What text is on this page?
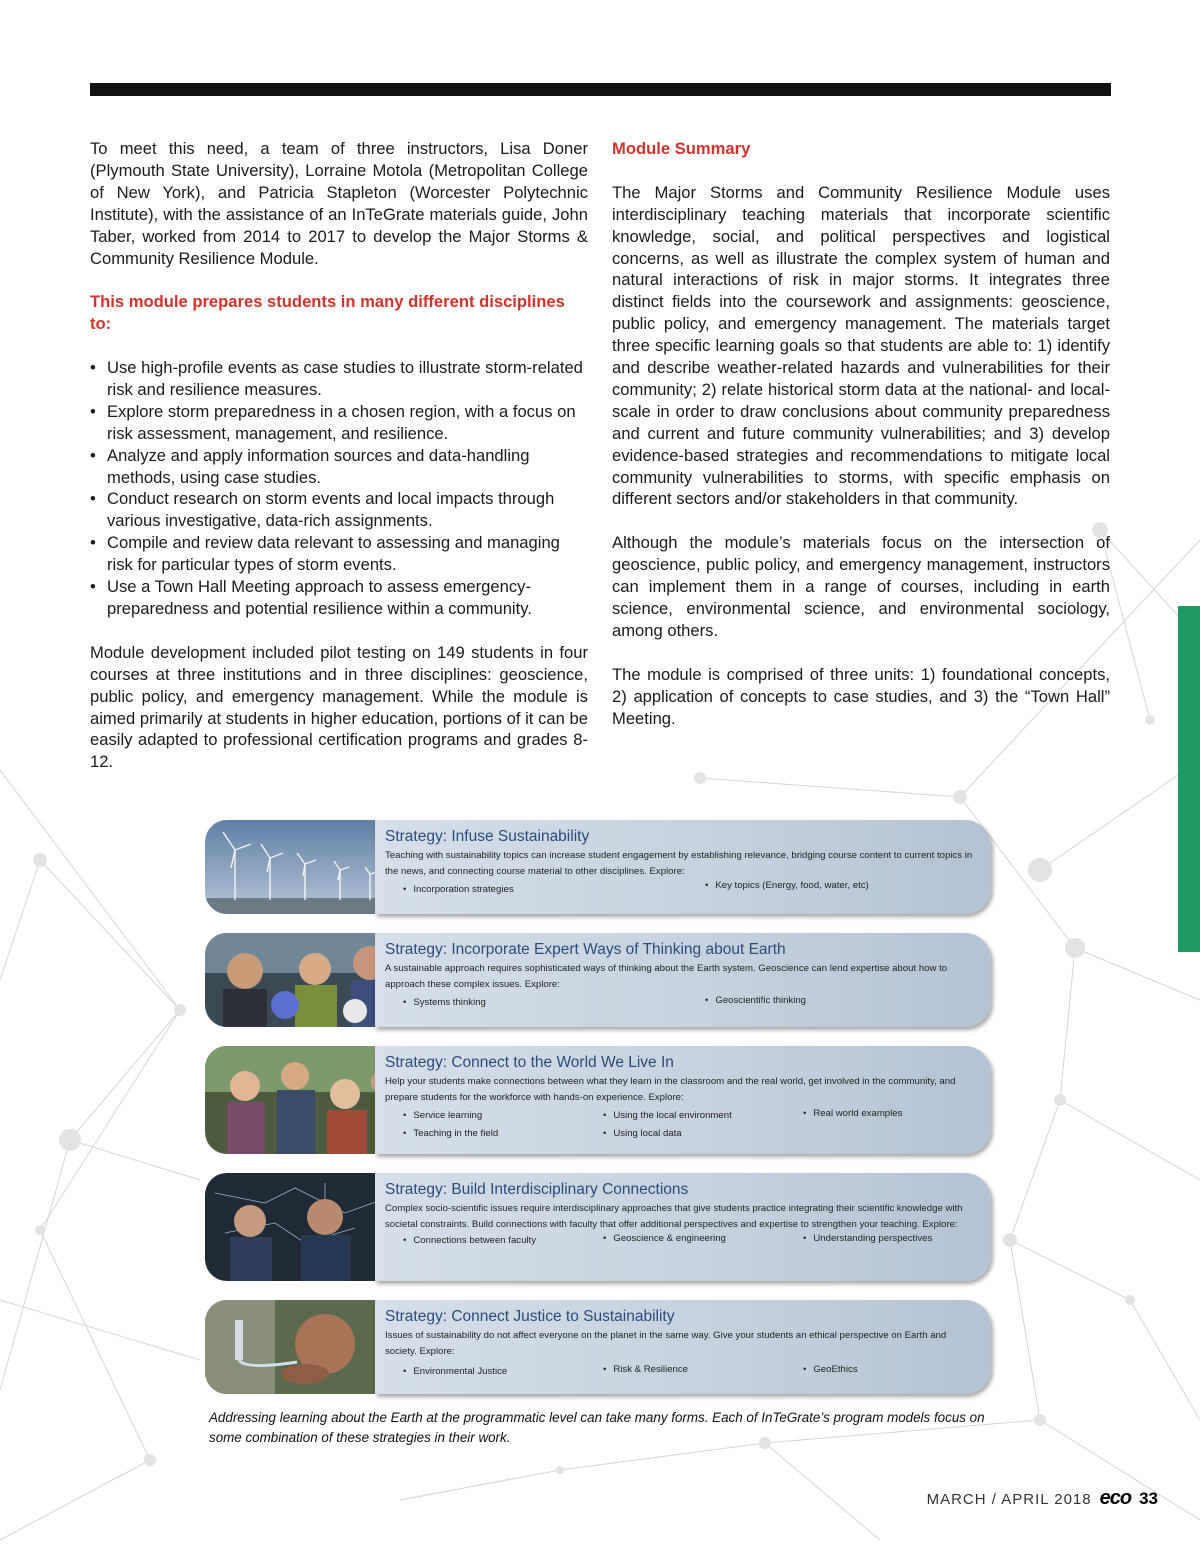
To meet this need, a team of three instructors, Lisa Doner (Plymouth State University), Lorraine Motola (Metropolitan College of New York), and Patricia Stapleton (Worcester Polytechnic Institute), with the assistance of an InTeGrate materials guide, John Taber, worked from 2014 to 2017 to develop the Major Storms & Community Resilience Module.

This module prepares students in many different disciplines to:
• Use high-profile events as case studies to illustrate storm-related risk and resilience measures.
• Explore storm preparedness in a chosen region, with a focus on risk assessment, management, and resilience.
• Analyze and apply information sources and data-handling methods, using case studies.
• Conduct research on storm events and local impacts through various investigative, data-rich assignments.
• Compile and review data relevant to assessing and managing risk for particular types of storm events.
• Use a Town Hall Meeting approach to assess emergency-preparedness and potential resilience within a community.

Module development included pilot testing on 149 students in four courses at three institutions and in three disciplines: geoscience, public policy, and emergency management. While the module is aimed primarily at students in higher education, portions of it can be easily adapted to professional certification programs and grades 8-12.

Module Summary

The Major Storms and Community Resilience Module uses interdisciplinary teaching materials that incorporate scientific knowledge, social, and political perspectives and logistical concerns, as well as illustrate the complex system of human and natural interactions of risk in major storms. It integrates three distinct fields into the coursework and assignments: geoscience, public policy, and emergency management. The materials target three specific learning goals so that students are able to: 1) identify and describe weather-related hazards and vulnerabilities for their community; 2) relate historical storm data at the national- and local-scale in order to draw conclusions about community preparedness and current and future community vulnerabilities; and 3) develop evidence-based strategies and recommendations to mitigate local community vulnerabilities to storms, with specific emphasis on different sectors and/or stakeholders in that community.

Although the module’s materials focus on the intersection of geoscience, public policy, and emergency management, instructors can implement them in a range of courses, including in earth science, environmental science, and environmental sociology, among others.

The module is comprised of three units: 1) foundational concepts, 2) application of concepts to case studies, and 3) the “Town Hall” Meeting.

Strategy: Infuse Sustainability
Teaching with sustainability topics can increase student engagement by establishing relevance, bridging course content to current topics in the news, and connecting course material to other disciplines. Explore:
• Incorporation strategies	• Key topics (Energy, food, water, etc)
Strategy: Incorporate Expert Ways of Thinking about Earth
A sustainable approach requires sophisticated ways of thinking about the Earth system. Geoscience can lend expertise about how to approach these complex issues. Explore:
• Systems thinking	• Geoscientific thinking
Strategy: Connect to the World We Live In
Help your students make connections between what they learn in the classroom and the real world, get involved in the community, and prepare students for the workforce with hands-on experience. Explore:
• Service learning
• Teaching in the field
• Using the local environment
• Using local data
• Real world examples
Strategy: Build Interdisciplinary Connections
Complex socio-scientific issues require interdisciplinary approaches that give students practice integrating their scientific knowledge with societal constraints. Build connections with faculty that offer additional perspectives and expertise to strengthen your teaching. Explore:
• Connections between faculty	• Geoscience & engineering	• Understanding perspectives
Strategy: Connect Justice to Sustainability
Issues of sustainability do not affect everyone on the planet in the same way. Give your students an ethical perspective on Earth and society. Explore:
• Environmental Justice	• Risk & Resilience	• GeoEthics
Addressing learning about the Earth at the programmatic level can take many forms. Each of InTeGrate’s program models focus on some combination of these strategies in their work.
MARCH / APRIL 2018 eco 33
